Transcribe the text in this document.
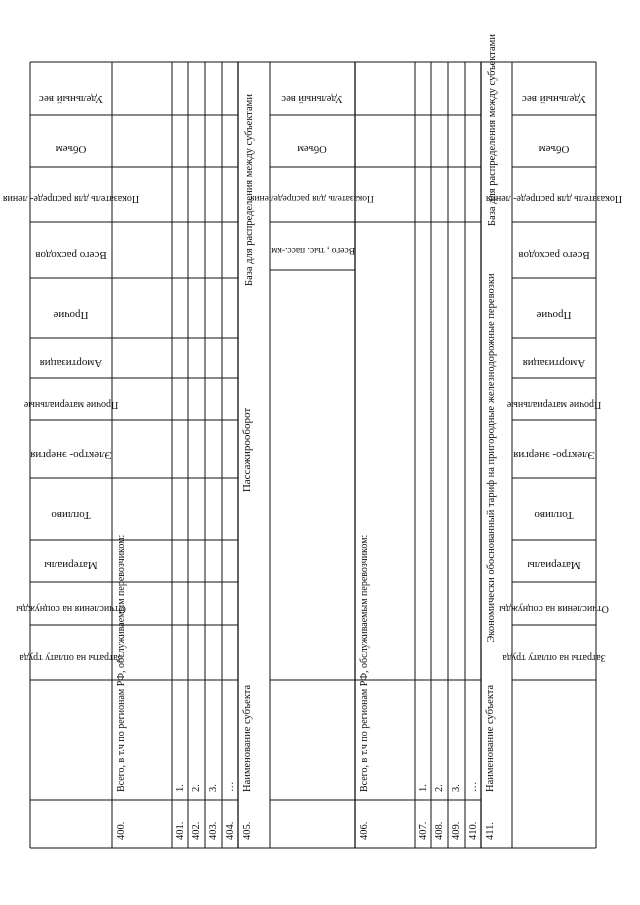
Удельный вес
Объем
Показатель для распреде- ления
Всего расходов
Прочие
Амортизация
Прочие материальные
Электро- энергия
Топливо
Материалы
Отчисления на соцнужды
Затраты на оплату труда
400.
Всего, в т.ч по регионам РФ, обслуживаемым перевозчиком:
401.
1.
402.
2.
403.
3.
404.
…
405.
Наименование субъекта
База для распределения между субъектами
Пассажирооборот
Удельный вес
Объем
Показатель для распределения
Всего , тыс. пасс.-км.
406.
Всего, в т.ч по регионам РФ, обслуживаемым перевозчиком:
407.
1.
408.
2.
409.
3.
410.
…
411.
Наименование субъекта
База для распределения между субъектами
Экономически обоснованный тариф на пригородные железнодорожные перевозки
Удельный вес
Объем
Показатель для распреде- ления
Всего расходов
Прочие
Амортизация
Прочие материальные
Электро- энергия
Топливо
Материалы
Отчисления на соцнужды
Затраты на оплату труда
